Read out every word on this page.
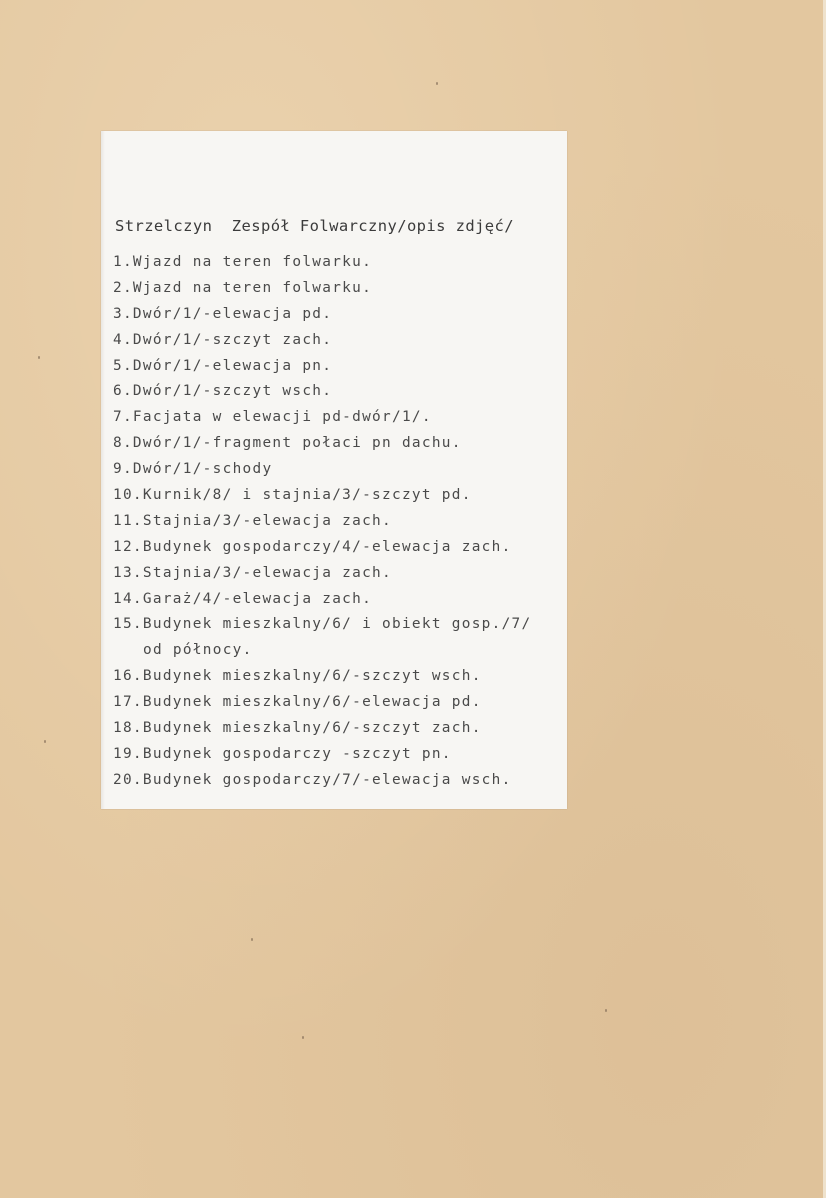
Strzelczyn  Zespół Folwarczny/opis zdjęć/
1.Wjazd na teren folwarku.
2.Wjazd na teren folwarku.
3.Dwór/1/-elewacja pd.
4.Dwór/1/-szczyt zach.
5.Dwór/1/-elewacja pn.
6.Dwór/1/-szczyt wsch.
7.Facjata w elewacji pd-dwór/1/.
8.Dwór/1/-fragment połaci pn dachu.
9.Dwór/1/-schody
10.Kurnik/8/ i stajnia/3/-szczyt pd.
11.Stajnia/3/-elewacja zach.
12.Budynek gospodarczy/4/-elewacja zach.
13.Stajnia/3/-elewacja zach.
14.Garaż/4/-elewacja zach.
15.Budynek mieszkalny/6/ i obiekt gosp./7/
od północy.
16.Budynek mieszkalny/6/-szczyt wsch.
17.Budynek mieszkalny/6/-elewacja pd.
18.Budynek mieszkalny/6/-szczyt zach.
19.Budynek gospodarczy -szczyt pn.
20.Budynek gospodarczy/7/-elewacja wsch.
